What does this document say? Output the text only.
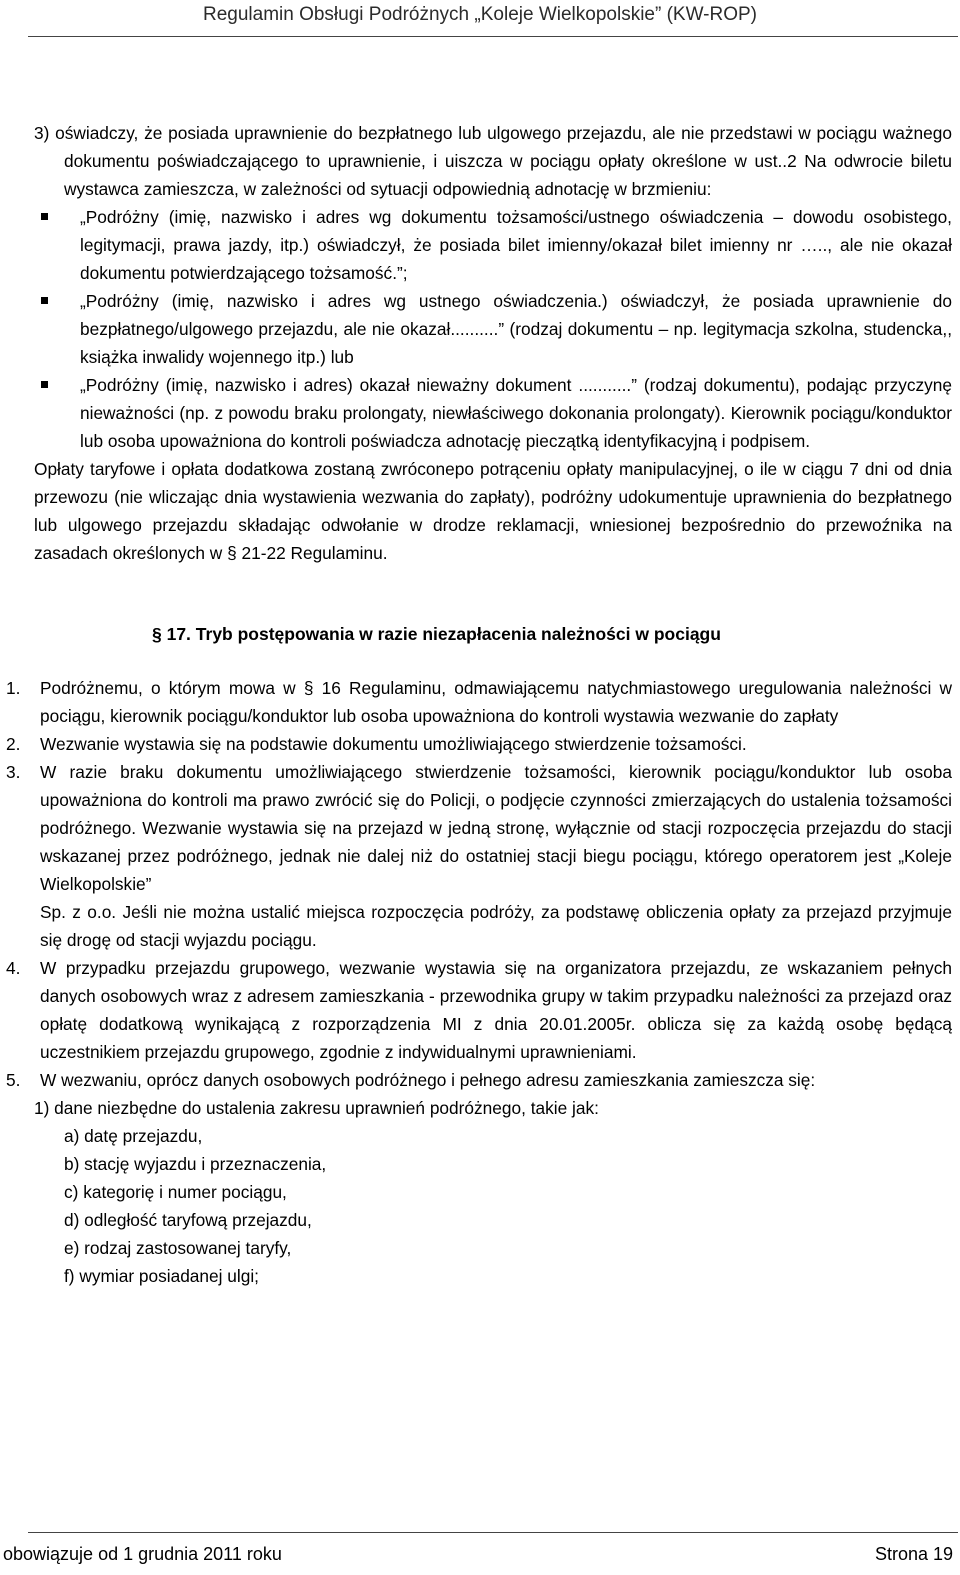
Regulamin Obsługi Podróżnych „Koleje Wielkopolskie” (KW-ROP)

3) oświadczy, że posiada uprawnienie do bezpłatnego lub ulgowego przejazdu, ale nie przedstawi w pociągu ważnego dokumentu poświadczającego to uprawnienie, i uiszcza w pociągu opłaty określone w ust..2 Na odwrocie biletu wystawca zamieszcza, w zależności od sytuacji odpowiednią adnotację w brzmieniu:

„Podróżny (imię, nazwisko i adres wg dokumentu tożsamości/ustnego oświadczenia – dowodu osobistego, legitymacji, prawa jazdy, itp.) oświadczył, że posiada bilet imienny/okazał bilet imienny nr ….., ale nie okazał dokumentu potwierdzającego tożsamość.”;
„Podróżny (imię, nazwisko i adres wg ustnego oświadczenia.) oświadczył, że posiada uprawnienie do bezpłatnego/ulgowego przejazdu, ale nie okazał..........” (rodzaj dokumentu – np. legitymacja szkolna, studencka,, książka inwalidy wojennego itp.) lub
„Podróżny (imię, nazwisko i adres) okazał nieważny dokument ...........” (rodzaj dokumentu), podając przyczynę nieważności (np. z powodu braku prolongaty, niewłaściwego dokonania prolongaty). Kierownik pociągu/konduktor lub osoba upoważniona do kontroli poświadcza adnotację pieczątką identyfikacyjną i podpisem.

Opłaty taryfowe i opłata dodatkowa zostaną zwróconepo potrąceniu opłaty manipulacyjnej, o ile w ciągu 7 dni od dnia przewozu (nie wliczając dnia wystawienia wezwania do zapłaty), podróżny udokumentuje uprawnienia do bezpłatnego lub ulgowego przejazdu składając odwołanie w drodze reklamacji, wniesionej bezpośrednio do przewoźnika na zasadach określonych w § 21-22 Regulaminu.

§ 17. Tryb postępowania w razie niezapłacenia należności w pociągu
1.	Podróżnemu, o którym mowa w § 16 Regulaminu, odmawiającemu natychmiastowego uregulowania należności w pociągu, kierownik pociągu/konduktor lub osoba upoważniona do kontroli wystawia wezwanie do zapłaty
2.	Wezwanie wystawia się na podstawie dokumentu umożliwiającego stwierdzenie tożsamości.
3.	W razie braku dokumentu umożliwiającego stwierdzenie tożsamości, kierownik pociągu/konduktor lub osoba upoważniona do kontroli ma prawo zwrócić się do Policji, o podjęcie czynności zmierzających do ustalenia tożsamości podróżnego. Wezwanie wystawia się na przejazd w jedną stronę, wyłącznie od stacji rozpoczęcia przejazdu do stacji wskazanej przez podróżnego, jednak nie dalej niż do ostatniej stacji biegu pociągu, którego operatorem jest „Koleje Wielkopolskie”
Sp. z o.o. Jeśli nie można ustalić miejsca rozpoczęcia podróży, za podstawę obliczenia opłaty za przejazd przyjmuje się drogę od stacji wyjazdu pociągu.
4.	W przypadku przejazdu grupowego, wezwanie wystawia się na organizatora przejazdu, ze wskazaniem pełnych danych osobowych wraz z adresem zamieszkania - przewodnika grupy w takim przypadku należności za przejazd oraz opłatę dodatkową wynikającą z rozporządzenia MI z dnia 20.01.2005r. oblicza się za każdą osobę będącą uczestnikiem przejazdu grupowego, zgodnie z indywidualnymi uprawnieniami.
5.	W wezwaniu, oprócz danych osobowych podróżnego i pełnego adresu zamieszkania zamieszcza się:
1) dane niezbędne do ustalenia zakresu uprawnień podróżnego, takie jak:
a) datę przejazdu,
b) stację wyjazdu i przeznaczenia,
c) kategorię i numer pociągu,
d) odległość taryfową przejazdu,
e) rodzaj zastosowanej taryfy,
f) wymiar posiadanej ulgi;
obowiązuje od 1 grudnia 2011 roku	Strona 19
